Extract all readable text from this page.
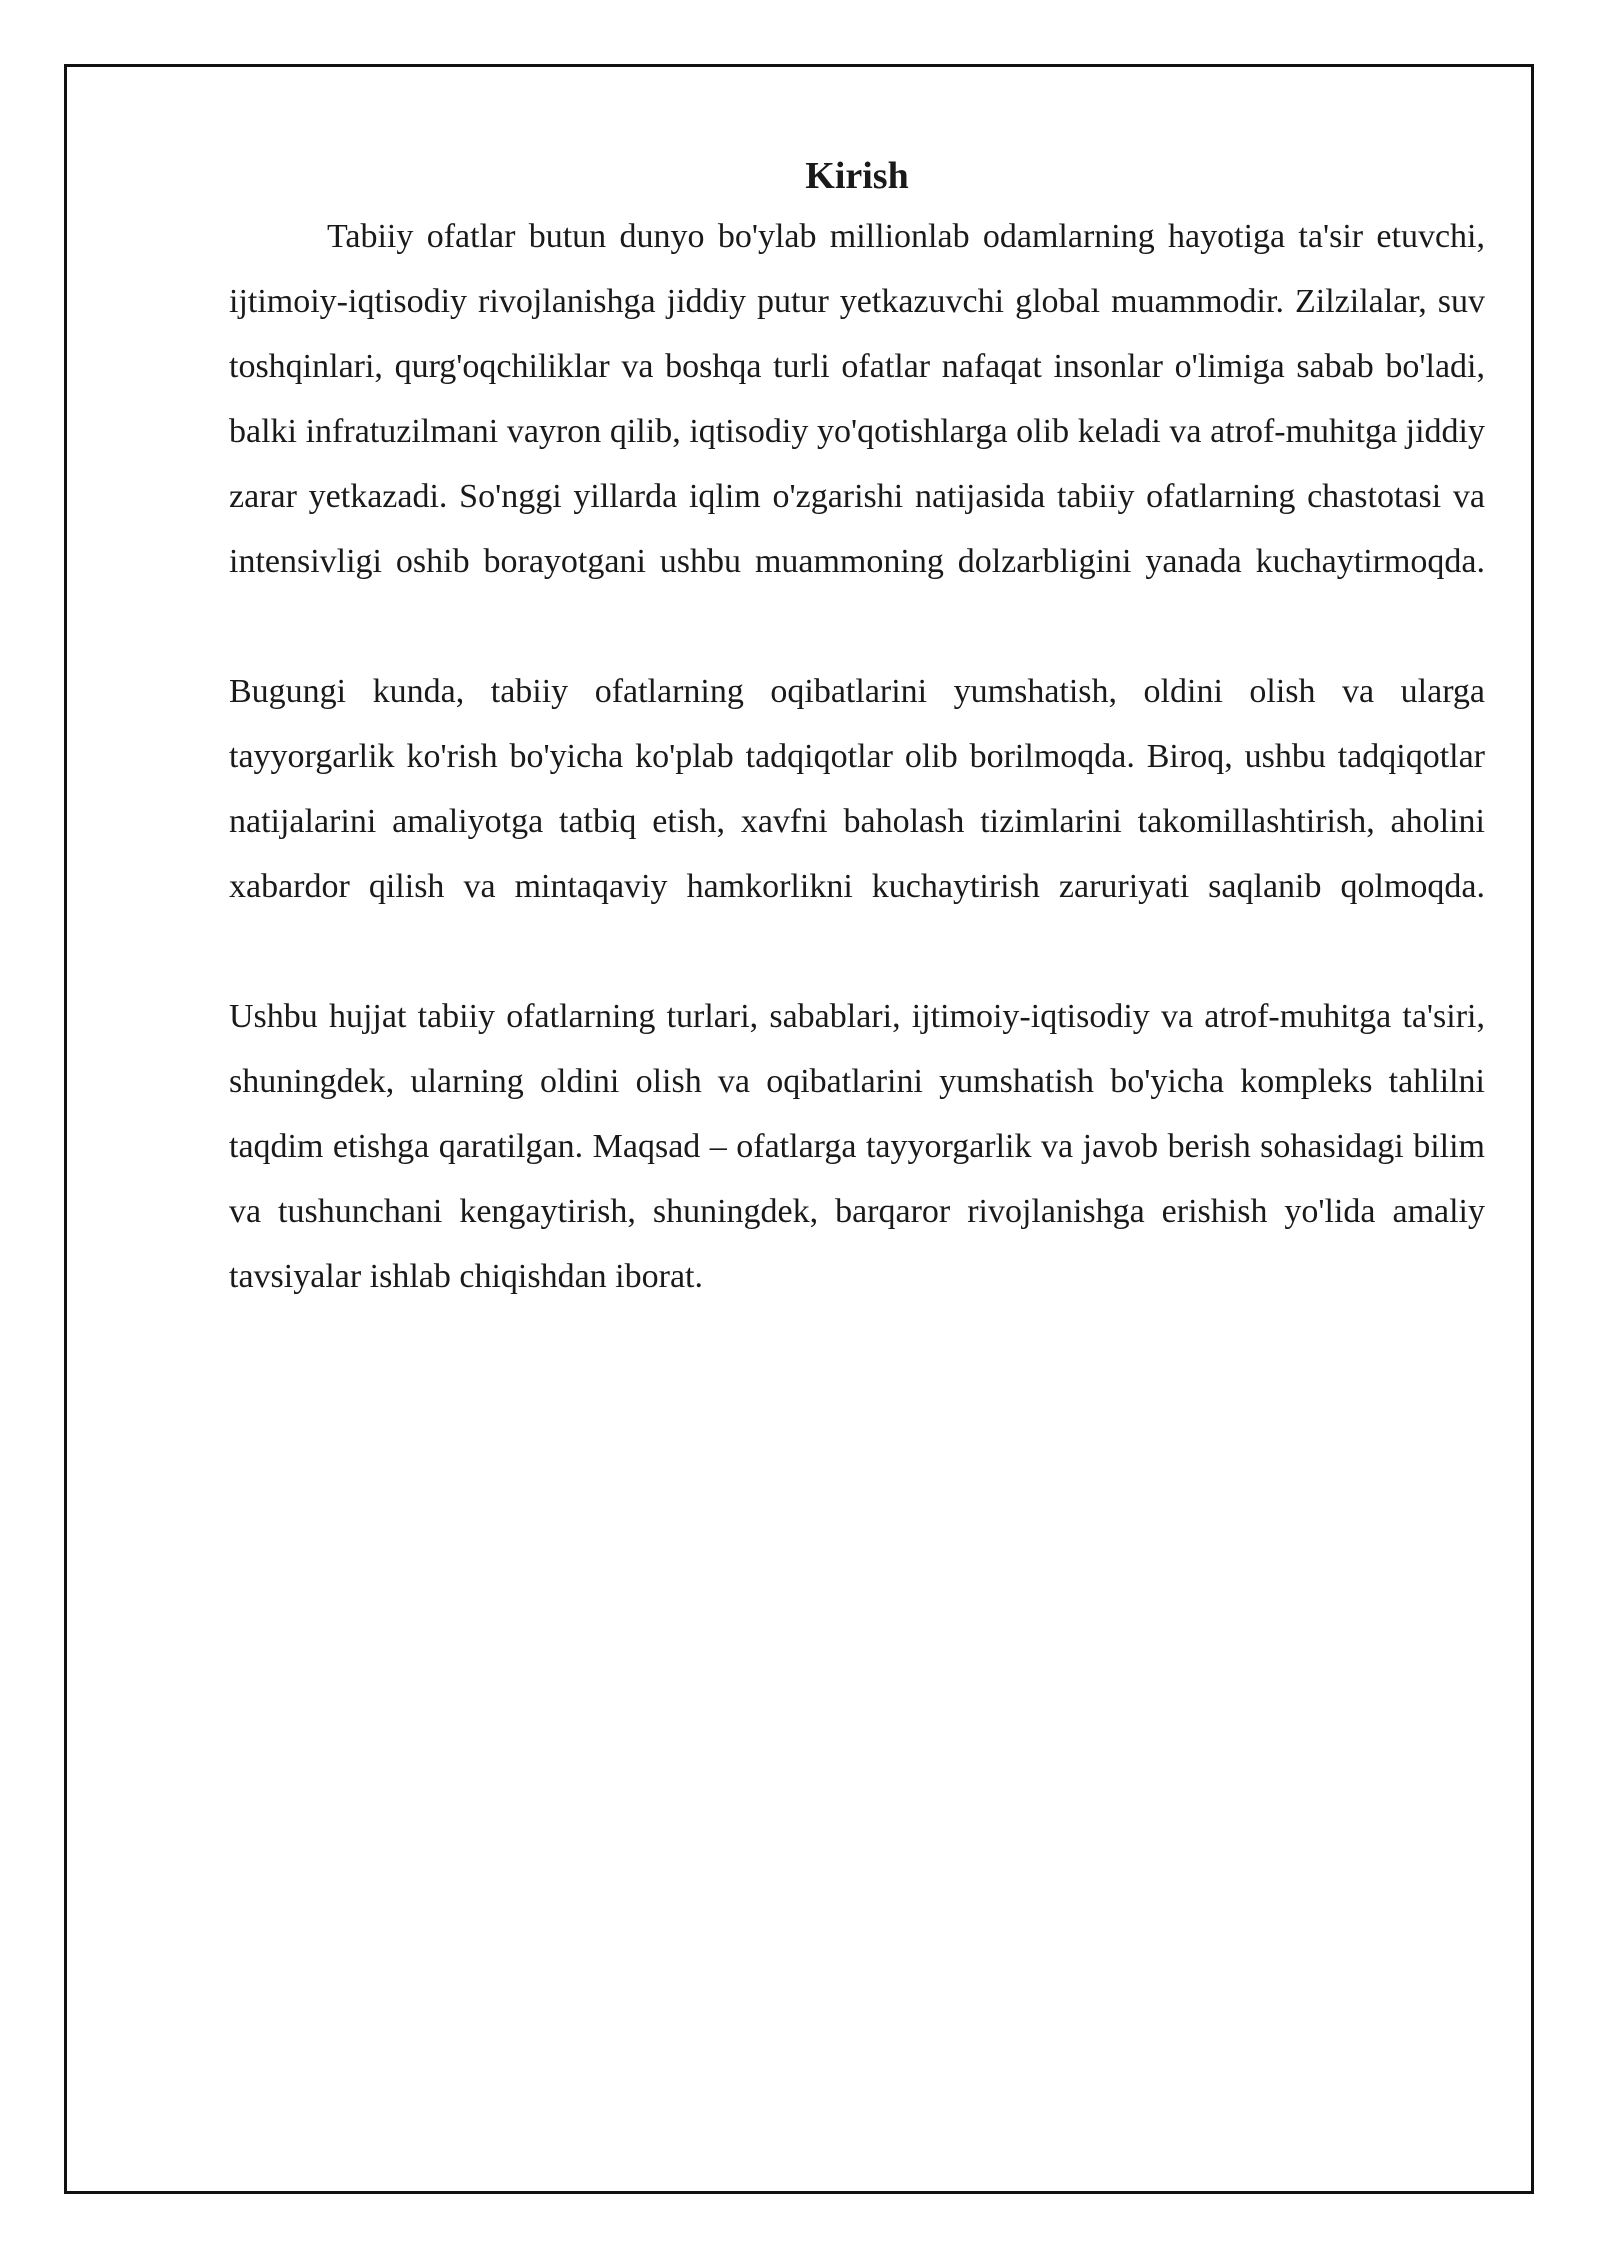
Kirish

Tabiiy ofatlar butun dunyo bo'ylab millionlab odamlarning hayotiga ta'sir etuvchi, ijtimoiy-iqtisodiy rivojlanishga jiddiy putur yetkazuvchi global muammodir. Zilzilalar, suv toshqinlari, qurg'oqchiliklar va boshqa turli ofatlar nafaqat insonlar o'limiga sabab bo'ladi, balki infratuzilmani vayron qilib, iqtisodiy yo'qotishlarga olib keladi va atrof-muhitga jiddiy zarar yetkazadi. So'nggi yillarda iqlim o'zgarishi natijasida tabiiy ofatlarning chastotasi va intensivligi oshib borayotgani ushbu muammoning dolzarbligini yanada kuchaytirmoqda.

Bugungi kunda, tabiiy ofatlarning oqibatlarini yumshatish, oldini olish va ularga tayyorgarlik ko'rish bo'yicha ko'plab tadqiqotlar olib borilmoqda. Biroq, ushbu tadqiqotlar natijalarini amaliyotga tatbiq etish, xavfni baholash tizimlarini takomillashtirish, aholini xabardor qilish va mintaqaviy hamkorlikni kuchaytirish zaruriyati saqlanib qolmoqda.

Ushbu hujjat tabiiy ofatlarning turlari, sabablari, ijtimoiy-iqtisodiy va atrof-muhitga ta'siri, shuningdek, ularning oldini olish va oqibatlarini yumshatish bo'yicha kompleks tahlilni taqdim etishga qaratilgan. Maqsad – ofatlarga tayyorgarlik va javob berish sohasidagi bilim va tushunchani kengaytirish, shuningdek, barqaror rivojlanishga erishish yo'lida amaliy tavsiyalar ishlab chiqishdan iborat.
